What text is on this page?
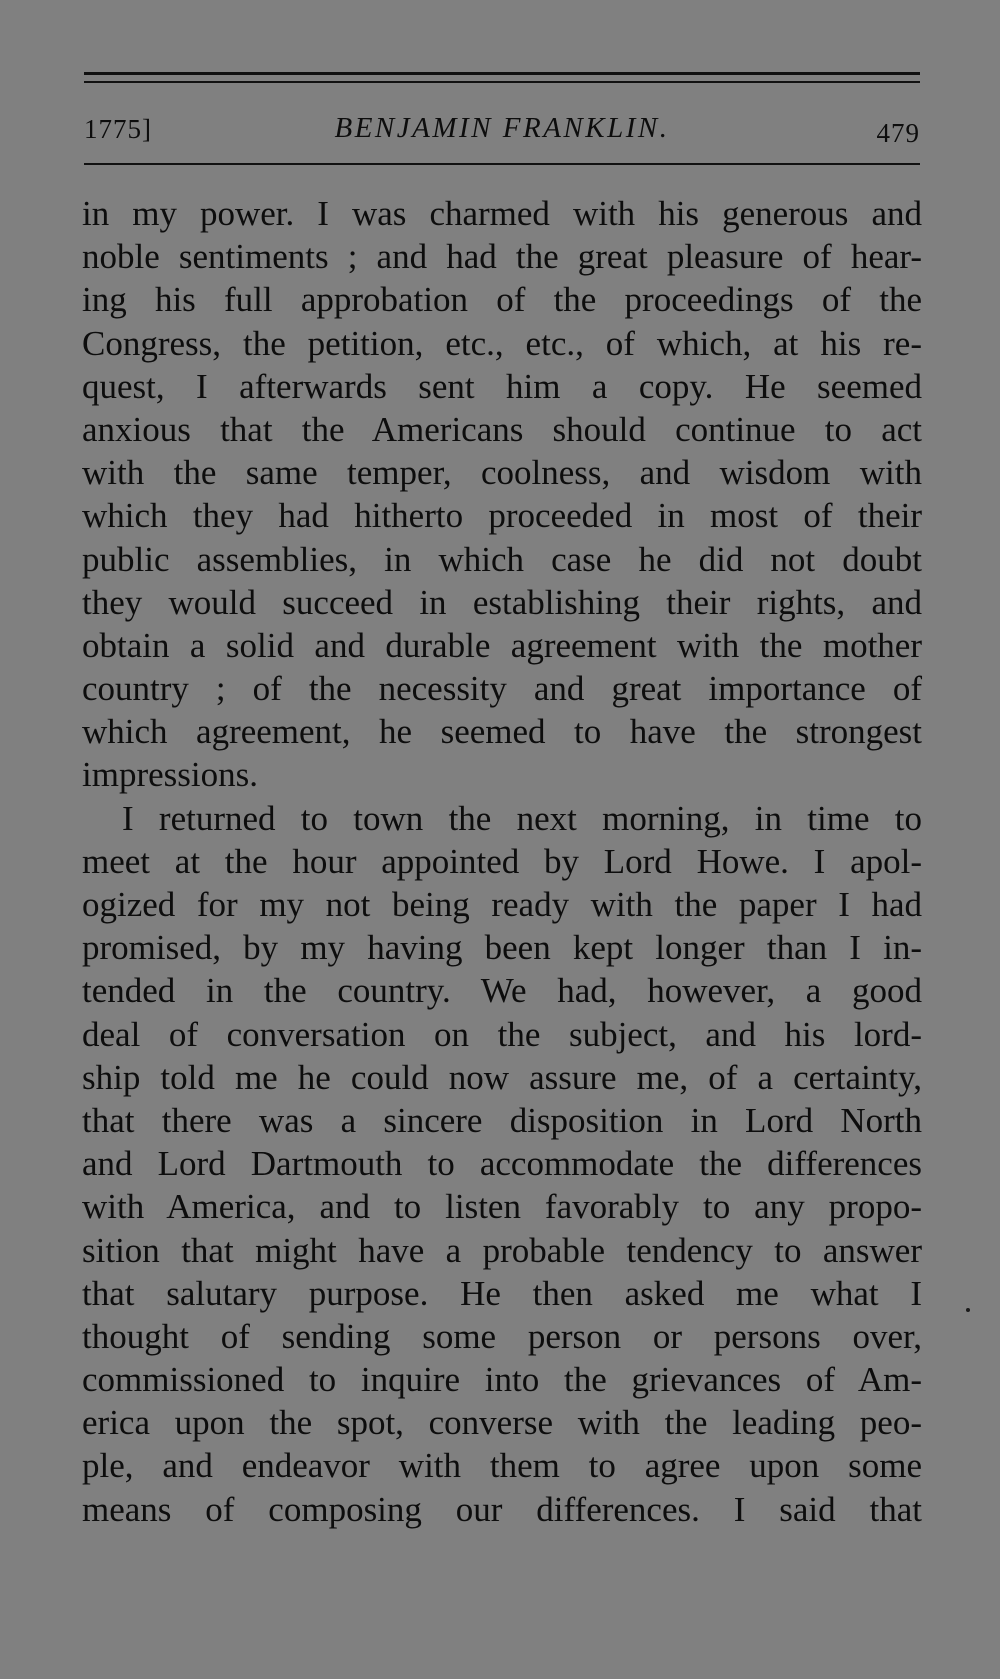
1775]	BENJAMIN FRANKLIN.	479
in my power. I was charmed with his generous and
noble sentiments ; and had the great pleasure of hear-
ing his full approbation of the proceedings of the
Congress, the petition, etc., etc., of which, at his re-
quest, I afterwards sent him a copy. He seemed
anxious that the Americans should continue to act
with the same temper, coolness, and wisdom with
which they had hitherto proceeded in most of their
public assemblies, in which case he did not doubt
they would succeed in establishing their rights, and
obtain a solid and durable agreement with the mother
country ; of the necessity and great importance of
which agreement, he seemed to have the strongest
impressions.
I returned to town the next morning, in time to
meet at the hour appointed by Lord Howe. I apol-
ogized for my not being ready with the paper I had
promised, by my having been kept longer than I in-
tended in the country. We had, however, a good
deal of conversation on the subject, and his lord-
ship told me he could now assure me, of a certainty,
that there was a sincere disposition in Lord North
and Lord Dartmouth to accommodate the differences
with America, and to listen favorably to any propo-
sition that might have a probable tendency to answer
that salutary purpose. He then asked me what I
thought of sending some person or persons over,
commissioned to inquire into the grievances of Am-
erica upon the spot, converse with the leading peo-
ple, and endeavor with them to agree upon some
means of composing our differences. I said that
